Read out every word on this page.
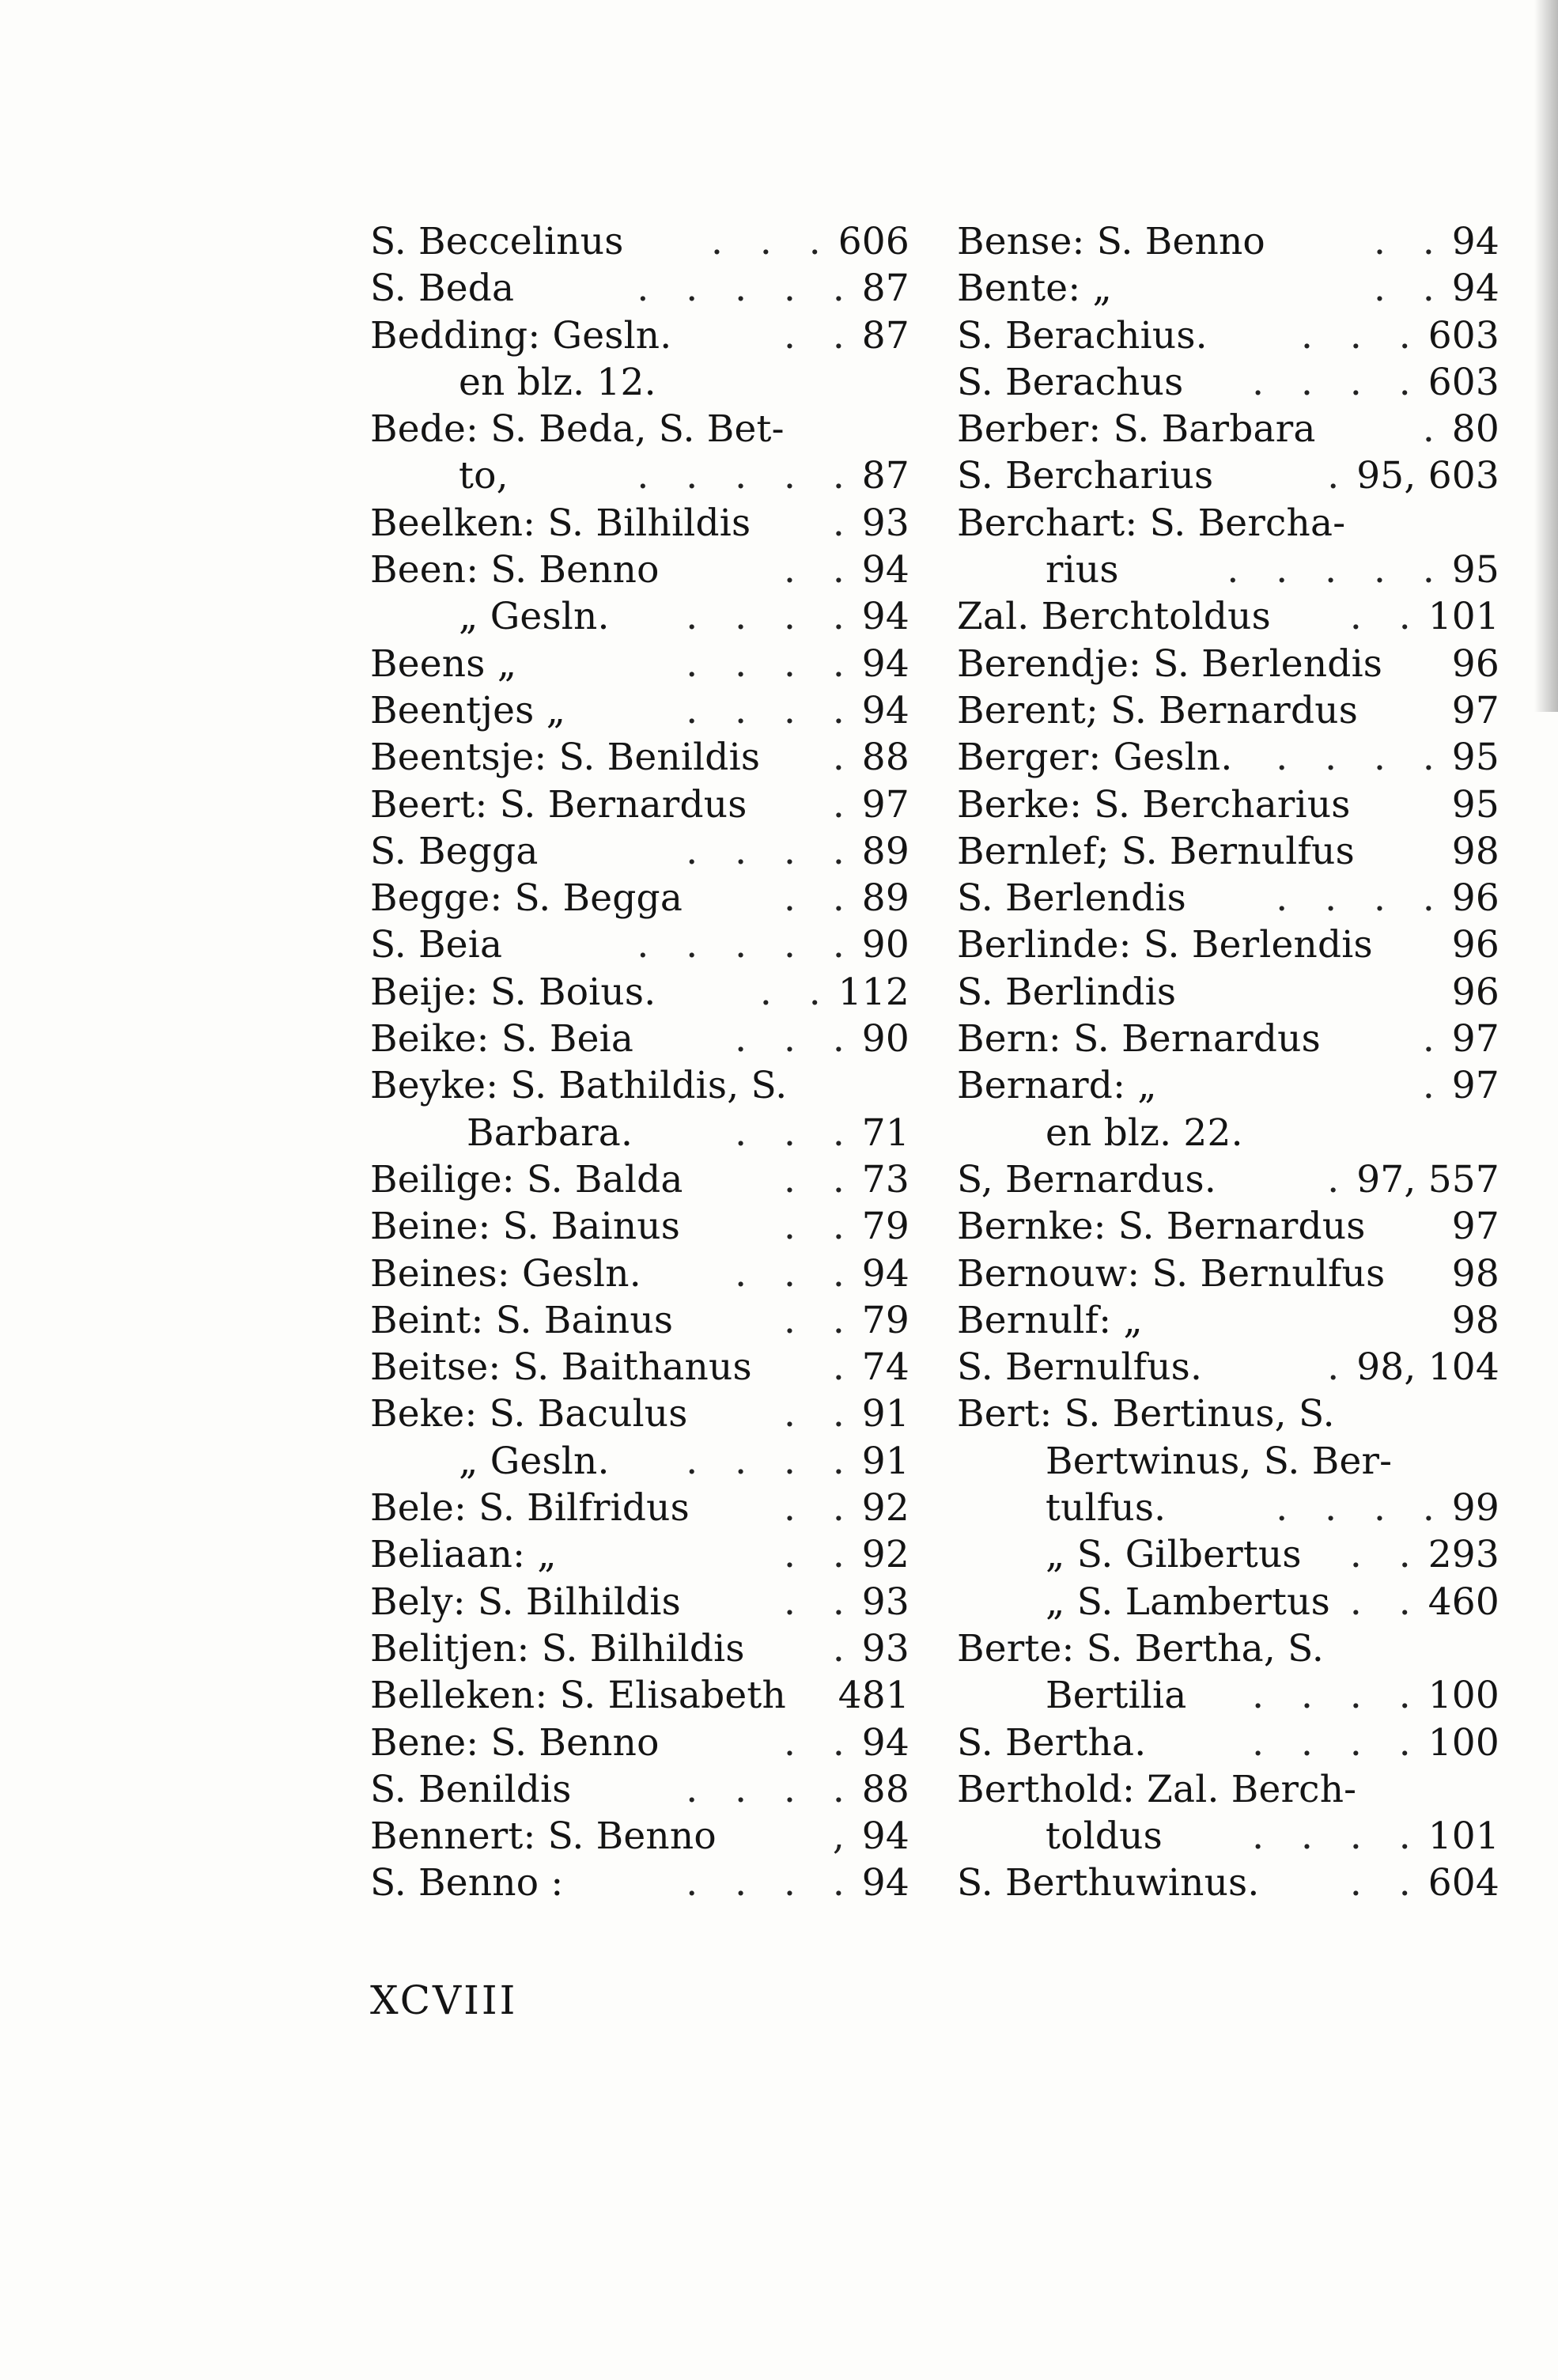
S. Beccelinus	. . . 606
S. Beda	. . . . . 87
Bedding: Gesln.	. . 87
en blz. 12.
Bede: S. Beda, S. Bet-
to,	. . . . . 87
Beelken: S. Bilhildis	. 93
Been: S. Benno	. . 94
„ Gesln.	. . . . 94
Beens „	. . . . 94
Beentjes „	. . . . 94
Beentsje: S. Benildis	. 88
Beert: S. Bernardus	. 97
S. Begga	. . . . 89
Begge: S. Begga	. . 89
S. Beia	. . . . . 90
Beije: S. Boius.	. . 112
Beike: S. Beia	. . . 90
Beyke: S. Bathildis, S.
Barbara.	. . . 71
Beilige: S. Balda	. . 73
Beine: S. Bainus	. . 79
Beines: Gesln.	. . . 94
Beint: S. Bainus	. . 79
Beitse: S. Baithanus	. 74
Beke: S. Baculus	. . 91
„ Gesln.	. . . . 91
Bele: S. Bilfridus	. . 92
Beliaan: „	. . 92
Bely: S. Bilhildis	. . 93
Belitjen: S. Bilhildis	. 93
Belleken: S. Elisabeth 481
Bene: S. Benno	. . 94
S. Benildis	. . . . 88
Bennert: S. Benno	, 94
S. Benno :	. . . . 94
Bense: S. Benno	. . 94
Bente: „	. . 94
S. Berachius.	. . . 603
S. Berachus	. . . . 603
Berber: S. Barbara	. 80
S. Bercharius	. 95, 603
Berchart: S. Bercha-
rius	. . . . . 95
Zal. Berchtoldus	. . 101
Berendje: S. Berlendis 96
Berent; S. Bernardus	97
Berger: Gesln.	. . . . 95
Berke: S. Bercharius	95
Bernlef; S. Bernulfus	98
S. Berlendis	. . . . 96
Berlinde: S. Berlendis 96
S. Berlindis	96
Bern: S. Bernardus	. 97
Bernard: „	. 97
en blz. 22.
S, Bernardus.	. 97, 557
Bernke: S. Bernardus 97
Bernouw: S. Bernulfus 98
Bernulf: „	98
S. Bernulfus.	. 98, 104
Bert: S. Bertinus, S.
Bertwinus, S. Ber-
tulfus.	. . . . 99
„ S. Gilbertus	. . 293
„ S. Lambertus . . 460
Berte: S. Bertha, S.
Bertilia	. . . . 100
S. Bertha.	. . . . 100
Berthold: Zal. Berch-
toldus	. . . . 101
S. Berthuwinus.	. . 604
XCVIII
